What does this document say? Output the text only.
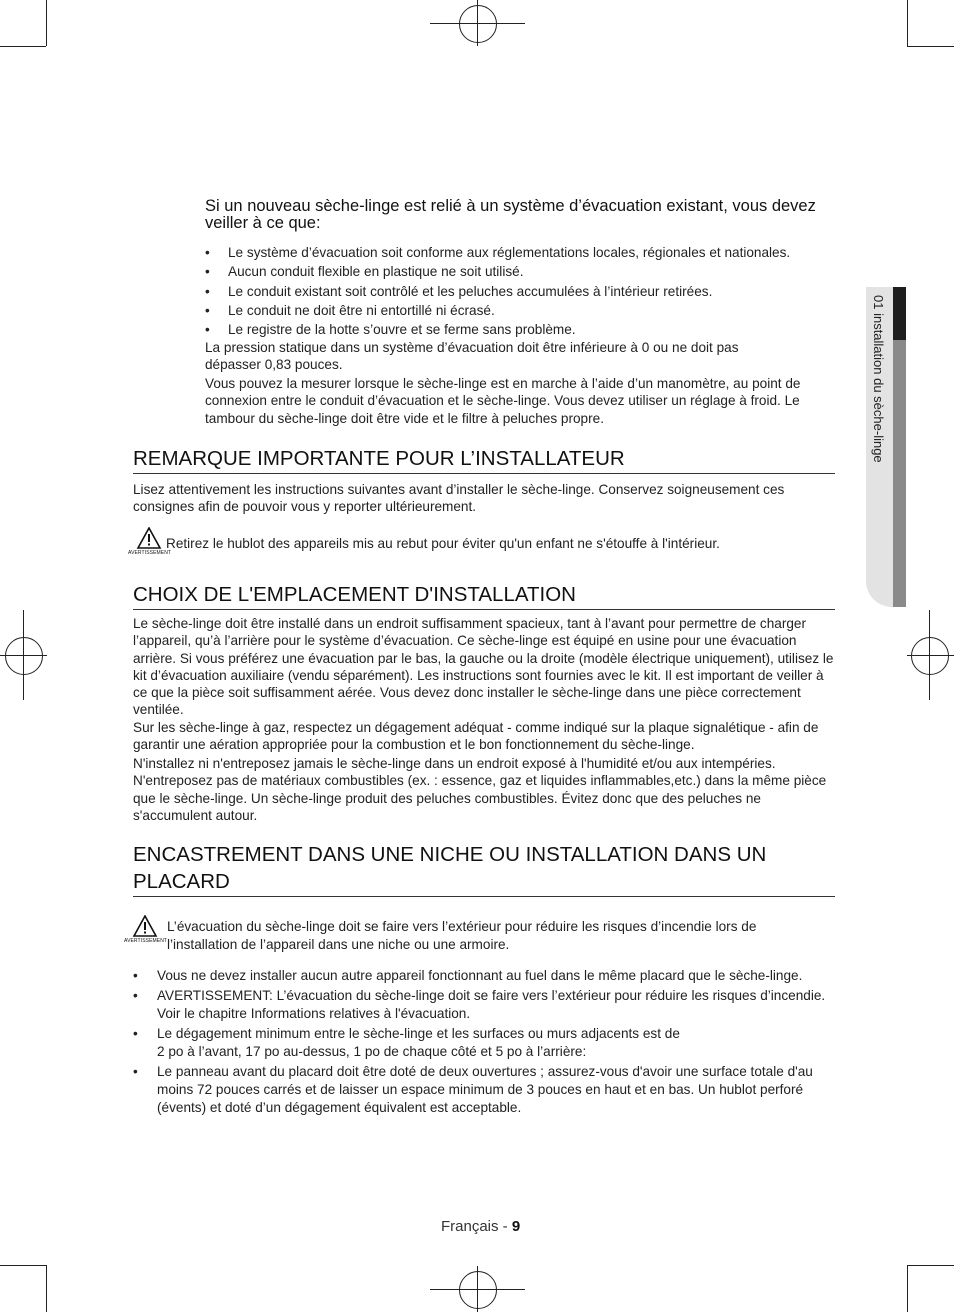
01 installation du sèche-linge
Si un nouveau sèche-linge est relié à un système d’évacuation existant, vous devez veiller à ce que:
• Le système d’évacuation soit conforme aux réglementations locales, régionales et nationales.
• Aucun conduit flexible en plastique ne soit utilisé.
• Le conduit existant soit contrôlé et les peluches accumulées à l’intérieur retirées.
• Le conduit ne doit être ni entortillé ni écrasé.
• Le registre de la hotte s’ouvre et se ferme sans problème.

La pression statique dans un système d’évacuation doit être inférieure à 0 ou ne doit pas dépasser 0,83 pouces.

Vous pouvez la mesurer lorsque le sèche-linge est en marche à l’aide d’un manomètre, au point de connexion entre le conduit d’évacuation et le sèche-linge. Vous devez utiliser un réglage à froid. Le tambour du sèche-linge doit être vide et le filtre à peluches propre.

REMARQUE IMPORTANTE POUR L’INSTALLATEUR

Lisez attentivement les instructions suivantes avant d’installer le sèche-linge. Conservez soigneusement ces consignes afin de pouvoir vous y reporter ultérieurement.

AVERTISSEMENT
Retirez le hublot des appareils mis au rebut pour éviter qu'un enfant ne s'étouffe à l'intérieur.
CHOIX DE L'EMPLACEMENT D'INSTALLATION

Le sèche-linge doit être installé dans un endroit suffisamment spacieux, tant à l’avant pour permettre de charger l’appareil, qu’à l’arrière pour le système d’évacuation. Ce sèche-linge est équipé en usine pour une évacuation arrière. Si vous préférez une évacuation par le bas, la gauche ou la droite (modèle électrique uniquement), utilisez le kit d’évacuation auxiliaire (vendu séparément). Les instructions sont fournies avec le kit. Il est important de veiller à ce que la pièce soit suffisamment aérée. Vous devez donc installer le sèche-linge dans une pièce correctement ventilée.

Sur les sèche-linge à gaz, respectez un dégagement adéquat - comme indiqué sur la plaque signalétique - afin de garantir une aération appropriée pour la combustion et le bon fonctionnement du sèche-linge.

N'installez ni n'entreposez jamais le sèche-linge dans un endroit exposé à l'humidité et/ou aux intempéries. N'entreposez pas de matériaux combustibles (ex. : essence, gaz et liquides inflammables,etc.) dans la même pièce que le sèche-linge. Un sèche-linge produit des peluches combustibles. Évitez donc que des peluches ne s'accumulent autour.

ENCASTREMENT DANS UNE NICHE OU INSTALLATION DANS UN PLACARD
AVERTISSEMENT
L’évacuation du sèche-linge doit se faire vers l’extérieur pour réduire les risques d’incendie lors de l’installation de l’appareil dans une niche ou une armoire.
• Vous ne devez installer aucun autre appareil fonctionnant au fuel dans le même placard que le sèche-linge.
• AVERTISSEMENT: L’évacuation du sèche-linge doit se faire vers l’extérieur pour réduire les risques d’incendie.
Voir le chapitre Informations relatives à l'évacuation.
• Le dégagement minimum entre le sèche-linge et les surfaces ou murs adjacents est de
2 po à l’avant, 17 po au-dessus, 1 po de chaque côté et 5 po à l’arrière:
• Le panneau avant du placard doit être doté de deux ouvertures ; assurez-vous d'avoir une surface totale d'au moins 72 pouces carrés et de laisser un espace minimum de 3 pouces en haut et en bas. Un hublot perforé (évents) et doté d’un dégagement équivalent est acceptable.
Français - 9
